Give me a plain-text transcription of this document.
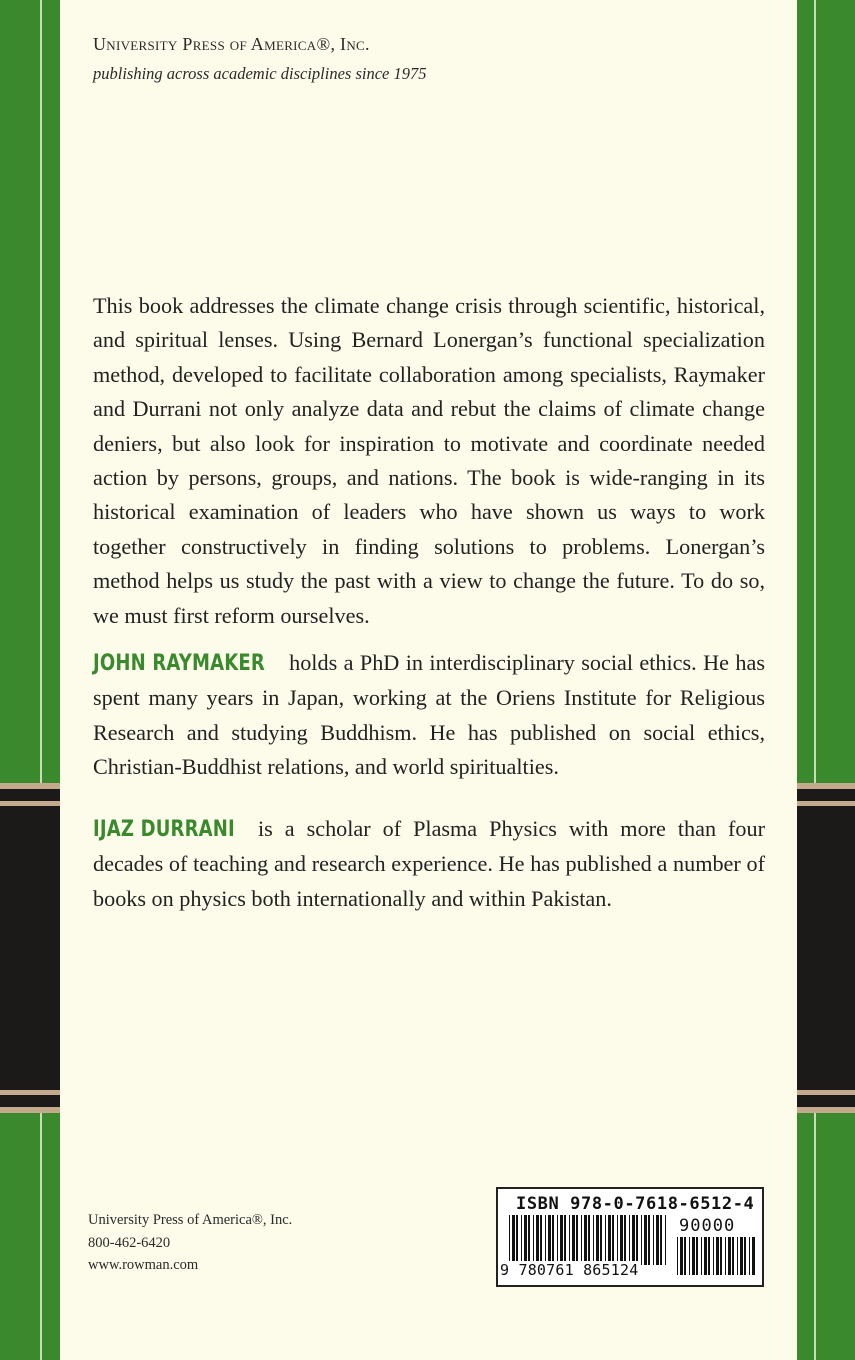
University Press of America®, Inc.

publishing across academic disciplines since 1975

This book addresses the climate change crisis through scientific, historical, and spiritual lenses. Using Bernard Lonergan’s functional specialization method, developed to facilitate collaboration among specialists, Raymaker and Durrani not only analyze data and rebut the claims of climate change deniers, but also look for inspiration to motivate and coordinate needed action by persons, groups, and nations. The book is wide-ranging in its historical examination of leaders who have shown us ways to work together constructively in finding solutions to problems. Lonergan’s method helps us study the past with a view to change the future. To do so, we must first reform ourselves.

JOHN RAYMAKER holds a PhD in interdisciplinary social ethics. He has spent many years in Japan, working at the Oriens Institute for Religious Research and studying Buddhism. He has published on social ethics, Christian-Buddhist relations, and world spiritualties.

IJAZ DURRANI is a scholar of Plasma Physics with more than four decades of teaching and research experience. He has published a number of books on physics both internationally and within Pakistan.

University Press of America®, Inc.
800-462-6420
www.rowman.com

ISBN 978-0-7618-6512-4

90000

9 780761 865124
